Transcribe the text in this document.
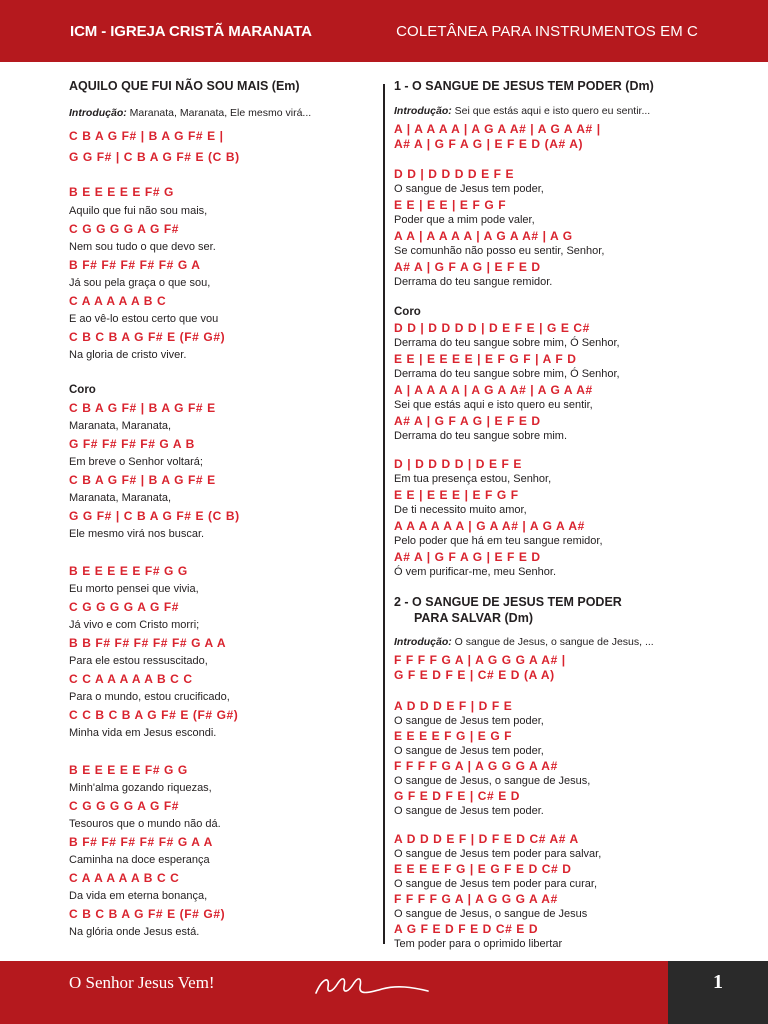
ICM - IGREJA CRISTÃ MARANATA	COLETÂNEA PARA INSTRUMENTOS EM C
AQUILO QUE FUI NÃO SOU MAIS (Em)
Introdução: Maranata, Maranata, Ele mesmo virá...
C B A G F# | B A G F# E |
G G F# | C B A G F# E (C B)
B E E E E E F# G
Aquilo que fui não sou mais,
C G G G G A G F#
Nem sou tudo o que devo ser.
B F# F# F# F# F# G A
Já sou pela graça o que sou,
C A A A A A B C
E ao vê-lo estou certo que vou
C B C B A G F# E (F# G#)
Na gloria de cristo viver.
Coro
C B A G F# | B A G F# E
Maranata, Maranata,
G F# F# F# F# G A B
Em breve o Senhor voltará;
C B A G F# | B A G F# E
Maranata, Maranata,
G G F# | C B A G F# E (C B)
Ele mesmo virá nos buscar.
B E E E E E F# G G
Eu morto pensei que vivia,
C G G G G A G F#
Já vivo e com Cristo morri;
B B F# F# F# F# F# G A A
Para ele estou ressuscitado,
C C A A A A A B C C
Para o mundo, estou crucificado,
C C B C B A G F# E (F# G#)
Minha vida em Jesus escondi.
B E E E E E F# G G
Minh'alma gozando riquezas,
C G G G G A G F#
Tesouros que o mundo não dá.
B F# F# F# F# F# G A A
Caminha na doce esperança
C A A A A A B C C
Da vida em eterna bonança,
C B C B A G F# E (F# G#)
Na glória onde Jesus está.
1 - O SANGUE DE JESUS TEM PODER (Dm)
Introdução: Sei que estás aqui e isto quero eu sentir...
A | A A A A | A G A A# | A G A A# |
A# A | G F A G | E F E D (A# A)
D D | D D D D E F E
O sangue de Jesus tem poder,
E E | E E | E F G F
Poder que a mim pode valer,
A A | A A A A | A G A A# | A G
Se comunhão não posso eu sentir, Senhor,
A# A | G F A G | E F E D
Derrama do teu sangue remidor.
Coro
D D | D D D D | D E F E | G E C#
Derrama do teu sangue sobre mim, Ó Senhor,
E E | E E E E | E F G F | A F D
Derrama do teu sangue sobre mim, Ó Senhor,
A | A A A A | A G A A# | A G A A#
Sei que estás aqui e isto quero eu sentir,
A# A | G F A G | E F E D
Derrama do teu sangue sobre mim.
D | D D D D | D E F E
Em tua presença estou, Senhor,
E E | E E E | E F G F
De ti necessito muito amor,
A A A A A A | G A A# | A G A A#
Pelo poder que há em teu sangue remidor,
A# A | G F A G | E F E D
Ó vem purificar-me, meu Senhor.
2 - O SANGUE DE JESUS TEM PODER
PARA SALVAR (Dm)
Introdução: O sangue de Jesus, o sangue de Jesus, ...
F F F F G A | A G G G A A# |
G F E D F E | C# E D (A A)
A D D D E F | D F E
O sangue de Jesus tem poder,
E E E E F G | E G F
O sangue de Jesus tem poder,
F F F F G A | A G G G A A#
O sangue de Jesus, o sangue de Jesus,
G F E D F E | C# E D
O sangue de Jesus tem poder.
A D D D E F | D F E D C# A# A
O sangue de Jesus tem poder para salvar,
E E E E F G | E G F E D C# D
O sangue de Jesus tem poder para curar,
F F F F G A | A G G G A A#
O sangue de Jesus, o sangue de Jesus
A G F E D F E D C# E D
Tem poder para o oprimido libertar
O Senhor Jesus Vem!	1
